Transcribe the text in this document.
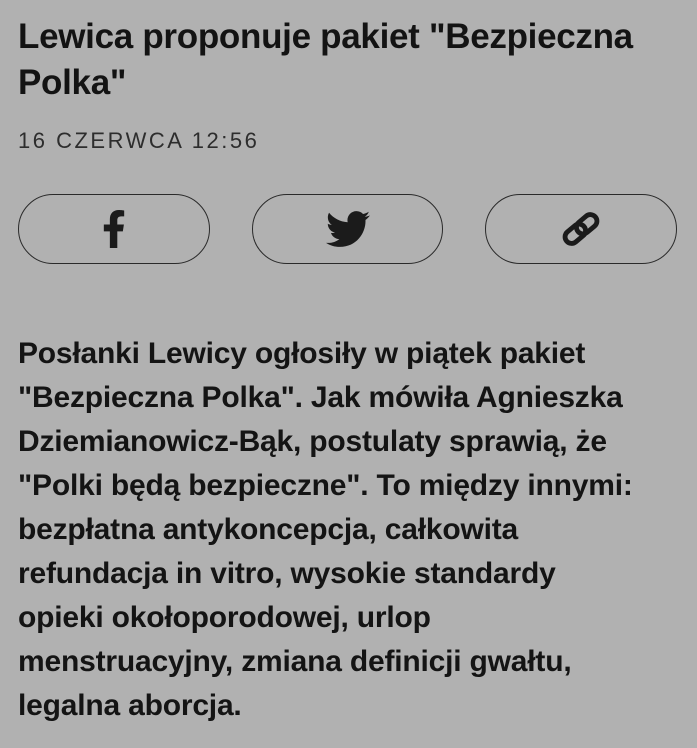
Lewica proponuje pakiet "Bezpieczna
Polka"
16 CZERWCA 12:56
Posłanki Lewicy ogłosiły w piątek pakiet
"Bezpieczna Polka". Jak mówiła Agnieszka
Dziemianowicz-Bąk, postulaty sprawią, że
"Polki będą bezpieczne". To między innymi:
bezpłatna antykoncepcja, całkowita
refundacja in vitro, wysokie standardy
opieki okołoporodowej, urlop
menstruacyjny, zmiana definicji gwałtu,
legalna aborcja.
